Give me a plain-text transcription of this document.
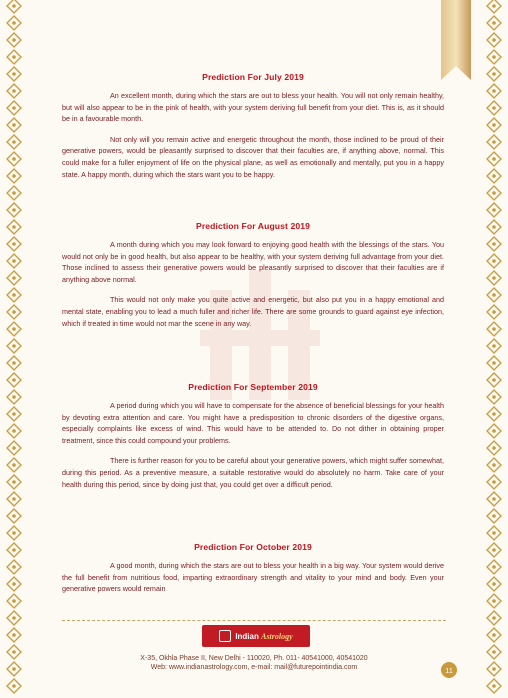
Prediction For July 2019

An excellent month, during which the stars are out to bless your health. You will not only remain healthy, but will also appear to be in the pink of health, with your system deriving full benefit from your diet. This is, as it should be in a favourable month.

Not only will you remain active and energetic throughout the month, those inclined to be proud of their generative powers, would be pleasantly surprised to discover that their faculties are, if anything above, normal. This could make for a fuller enjoyment of life on the physical plane, as well as emotionally and mentally, put you in a happy state. A happy month, during which the stars want you to be happy.

Prediction For August 2019

A month during which you may look forward to enjoying good health with the blessings of the stars. You would not only be in good health, but also appear to be healthy, with your system deriving full advantage from your diet. Those inclined to assess their generative powers would be pleasantly surprised to discover that their faculties are if anything above normal.

This would not only make you quite active and energetic, but also put you in a happy emotional and mental state, enabling you to lead a much fuller and richer life. There are some grounds to guard against eye infection, which if treated in time would not mar the scene in any way.

Prediction For September 2019

A period during which you will have to compensate for the absence of beneficial blessings for your health by devoting extra attention and care. You might have a predisposition to chronic disorders of the digestive organs, especially complaints like excess of wind. This would have to be attended to. Do not dither in obtaining proper treatment, since this could compound your problems.

There is further reason for you to be careful about your generative powers, which might suffer somewhat, during this period. As a preventive measure, a suitable restorative would do absolutely no harm. Take care of your health during this period, since by doing just that, you could get over a difficult period.

Prediction For October 2019

A good month, during which the stars are out to bless your health in a big way. Your system would derive the full benefit from nutritious food, imparting extraordinary strength and vitality to your mind and body. Even your generative powers would remain

Indian Astrology
X-35, Okhla Phase II, New Delhi - 110020, Ph. 011- 40541000, 40541020
Web: www.indianastrology.com, e-mail: mail@futurepointindia.com	11
